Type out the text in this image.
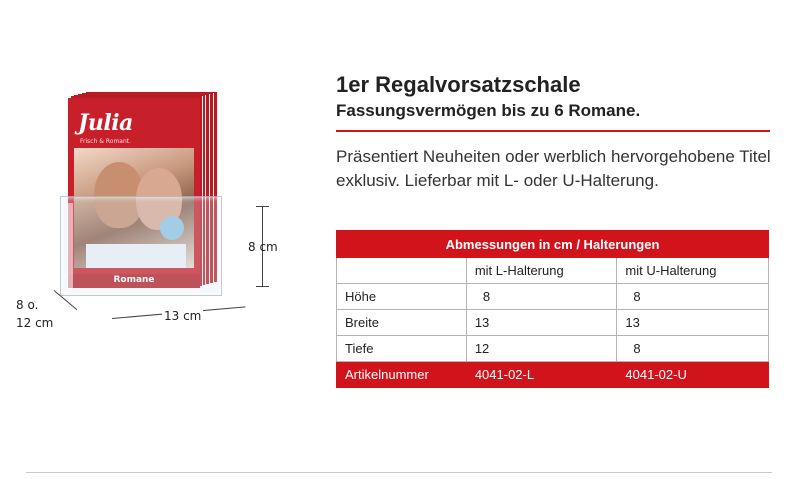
Julia
Frisch & Romant.
Romane
8 cm
13 cm
8 o.
12 cm
1er Regalvorsatzschale
Fassungsvermögen bis zu 6 Romane.

Präsentiert Neuheiten oder werblich hervorgehobene Titel exklusiv. Lieferbar mit L- oder U-Halterung.

Abmessungen in cm / Halterungen		
	mit L-Halterung	mit U-Halterung
Höhe	8	8
Breite	13	13
Tiefe	12	8
Artikelnummer	4041-02-L	4041-02-U
